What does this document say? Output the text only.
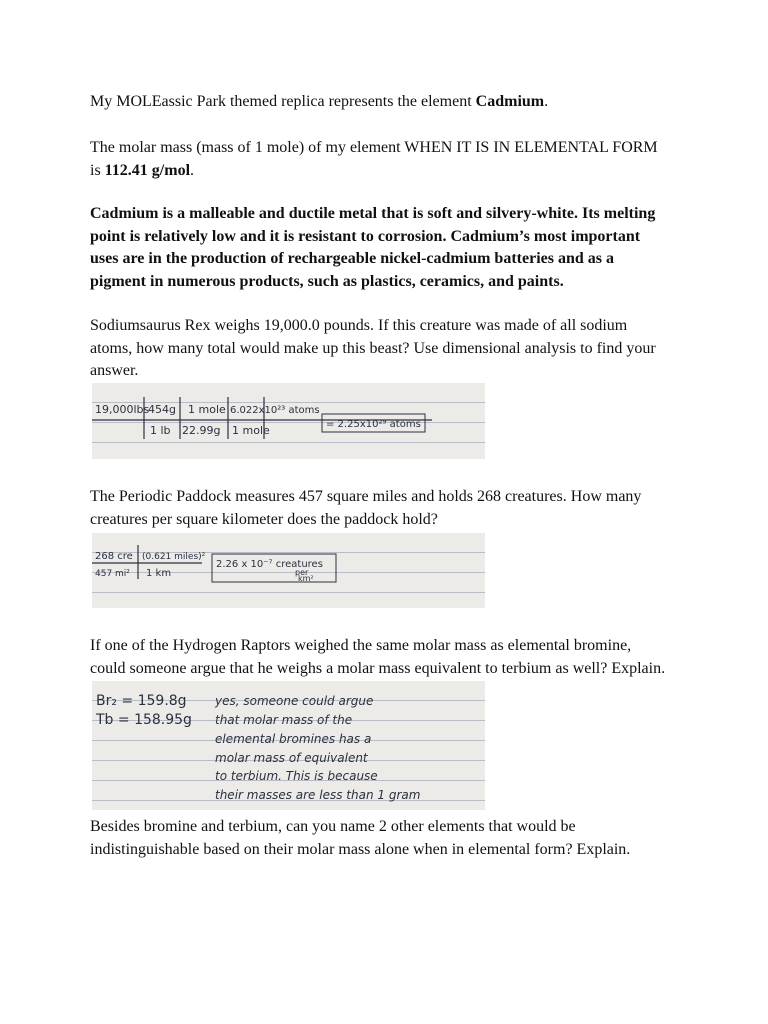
My MOLEassic Park themed replica represents the element Cadmium.

The molar mass (mass of 1 mole) of my element WHEN IT IS IN ELEMENTAL FORM
is 112.41 g/mol.

Cadmium is a malleable and ductile metal that is soft and silvery-white. Its melting
point is relatively low and it is resistant to corrosion. Cadmium’s most important
uses are in the production of rechargeable nickel-cadmium batteries and as a
pigment in numerous products, such as plastics, ceramics, and paints.

Sodiumsaurus Rex weighs 19,000.0 pounds. If this creature was made of all sodium
atoms, how many total would make up this beast? Use dimensional analysis to find your
answer.

19,000lbs
454g
1 lb
1 mole
22.99g
6.022x10²³ atoms
1 mole	= 2.25x10²⁹ atoms

The Periodic Paddock measures 457 square miles and holds 268 creatures. How many
creatures per square kilometer does the paddock hold?

268 cre
457 mi²
(0.621 miles)²
1 km
2.26 x 10⁻⁷ creatures
per
km²

If one of the Hydrogen Raptors weighed the same molar mass as elemental bromine,
could someone argue that he weighs a molar mass equivalent to terbium as well? Explain.

Br₂ = 159.8g yes, someone could argue
Tb = 158.95g that molar mass of the
elemental bromines has a
molar mass of equivalent
to terbium. This is because
their masses are less than 1 gram

Besides bromine and terbium, can you name 2 other elements that would be
indistinguishable based on their molar mass alone when in elemental form? Explain.
